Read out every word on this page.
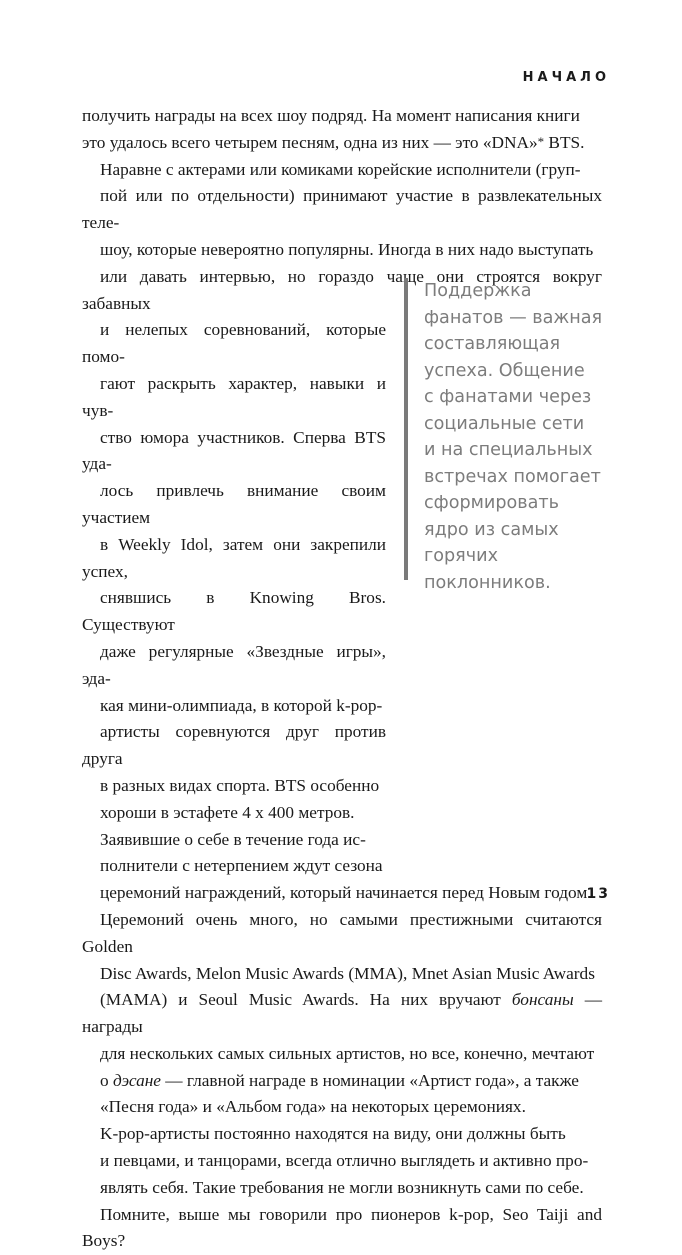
НАЧАЛО

получить награды на всех шоу подряд. На момент написания книги
это удалось всего четырем песням, одна из них — это «DNA»* BTS.

Наравне с актерами или комиками корейские исполнители (груп-
пой или по отдельности) принимают участие в развлекательных теле-
шоу, которые невероятно популярны. Иногда в них надо выступать
или давать интервью, но гораздо чаще они строятся вокруг забавных
и нелепых соревнований, которые помо-
гают раскрыть характер, навыки и чув-
ство юмора участников. Сперва BTS уда-
лось привлечь внимание своим участием
в Weekly Idol, затем они закрепили успех,
снявшись в Knowing Bros. Существуют
даже регулярные «Звездные игры», эда-
кая мини-олимпиада, в которой k-pop-
артисты соревнуются друг против друга
в разных видах спорта. BTS особенно
хороши в эстафете 4 х 400 метров.

Заявившие о себе в течение года ис-
полнители с нетерпением ждут сезона
церемоний награждений, который начинается перед Новым годом.
Церемоний очень много, но самыми престижными считаются Golden
Disc Awards, Melon Music Awards (MMA), Mnet Asian Music Awards
(MAMA) и Seoul Music Awards. На них вручают бонсаны — награды
для нескольких самых сильных артистов, но все, конечно, мечтают
о дэсане — главной награде в номинации «Артист года», а также
«Песня года» и «Альбом года» на некоторых церемониях.

K-pop-артисты постоянно находятся на виду, они должны быть
и певцами, и танцорами, всегда отлично выглядеть и активно про-
являть себя. Такие требования не могли возникнуть сами по себе.
Помните, выше мы говорили про пионеров k-pop, Seo Taiji and Boys?

Поддержка
фанатов — важная
составляющая
успеха. Общение
с фанатами через
социальные сети
и на специальных
встречах помогает
сформировать
ядро из самых
горячих
поклонников.
13
